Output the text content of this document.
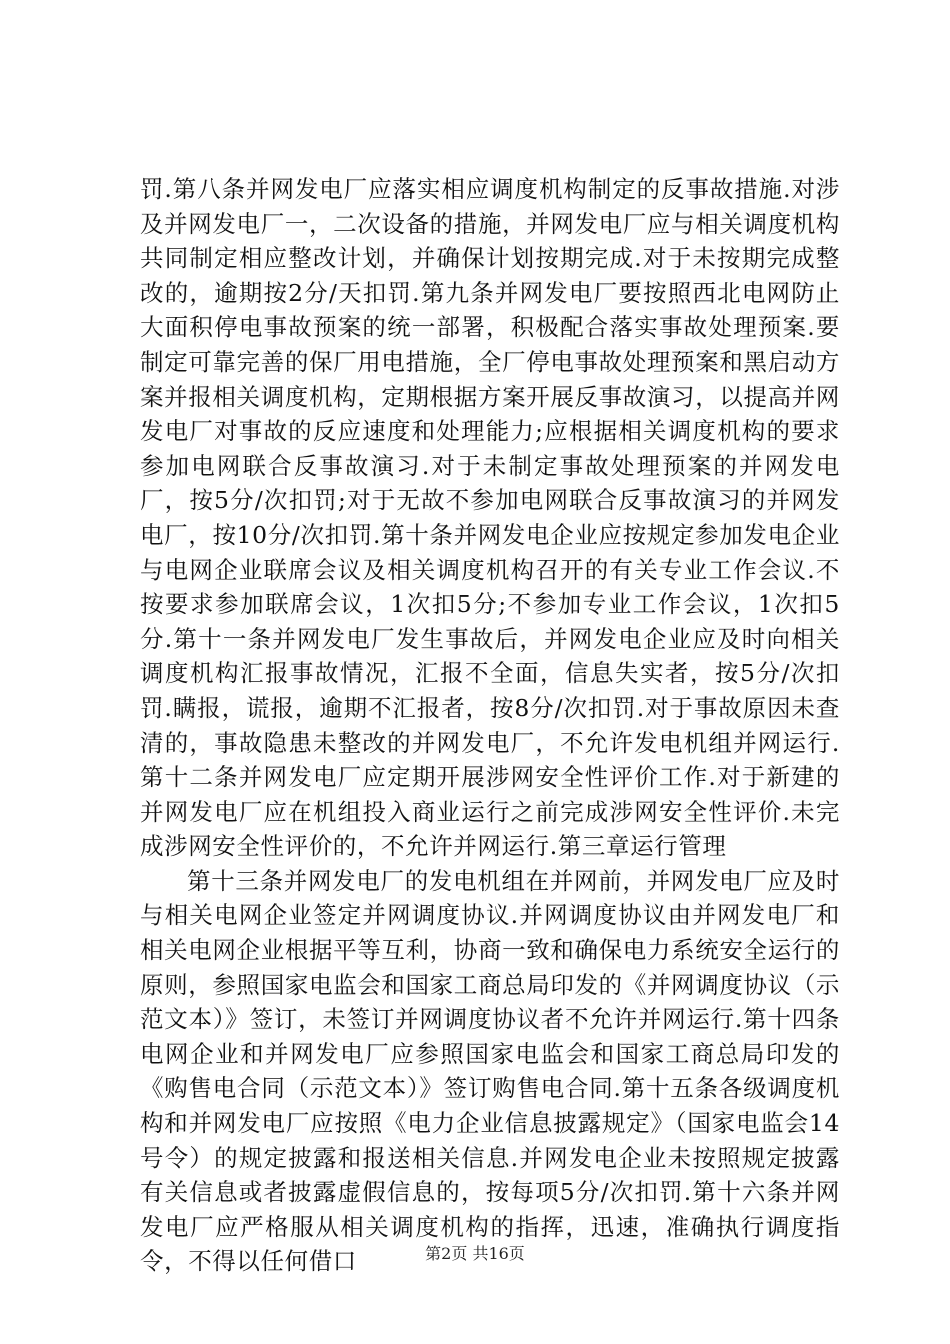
罚.第八条并网发电厂应落实相应调度机构制定的反事故措施.对涉及并网发电厂一，二次设备的措施，并网发电厂应与相关调度机构共同制定相应整改计划，并确保计划按期完成.对于未按期完成整改的，逾期按2分/天扣罚.第九条并网发电厂要按照西北电网防止大面积停电事故预案的统一部署，积极配合落实事故处理预案.要制定可靠完善的保厂用电措施，全厂停电事故处理预案和黑启动方案并报相关调度机构，定期根据方案开展反事故演习，以提高并网发电厂对事故的反应速度和处理能力;应根据相关调度机构的要求参加电网联合反事故演习.对于未制定事故处理预案的并网发电厂，按5分/次扣罚;对于无故不参加电网联合反事故演习的并网发电厂，按10分/次扣罚.第十条并网发电企业应按规定参加发电企业与电网企业联席会议及相关调度机构召开的有关专业工作会议.不按要求参加联席会议，1次扣5分;不参加专业工作会议，1次扣5分.第十一条并网发电厂发生事故后，并网发电企业应及时向相关调度机构汇报事故情况，汇报不全面，信息失实者，按5分/次扣罚.瞒报，谎报，逾期不汇报者，按8分/次扣罚.对于事故原因未查清的，事故隐患未整改的并网发电厂，不允许发电机组并网运行.第十二条并网发电厂应定期开展涉网安全性评价工作.对于新建的并网发电厂应在机组投入商业运行之前完成涉网安全性评价.未完成涉网安全性评价的，不允许并网运行.第三章运行管理

第十三条并网发电厂的发电机组在并网前，并网发电厂应及时与相关电网企业签定并网调度协议.并网调度协议由并网发电厂和相关电网企业根据平等互利，协商一致和确保电力系统安全运行的原则，参照国家电监会和国家工商总局印发的《并网调度协议（示范文本）》签订，未签订并网调度协议者不允许并网运行.第十四条电网企业和并网发电厂应参照国家电监会和国家工商总局印发的《购售电合同（示范文本）》签订购售电合同.第十五条各级调度机构和并网发电厂应按照《电力企业信息披露规定》（国家电监会14号令）的规定披露和报送相关信息.并网发电企业未按照规定披露有关信息或者披露虚假信息的，按每项5分/次扣罚.第十六条并网发电厂应严格服从相关调度机构的指挥，迅速，准确执行调度指令，不得以任何借口	第2页 共16页
